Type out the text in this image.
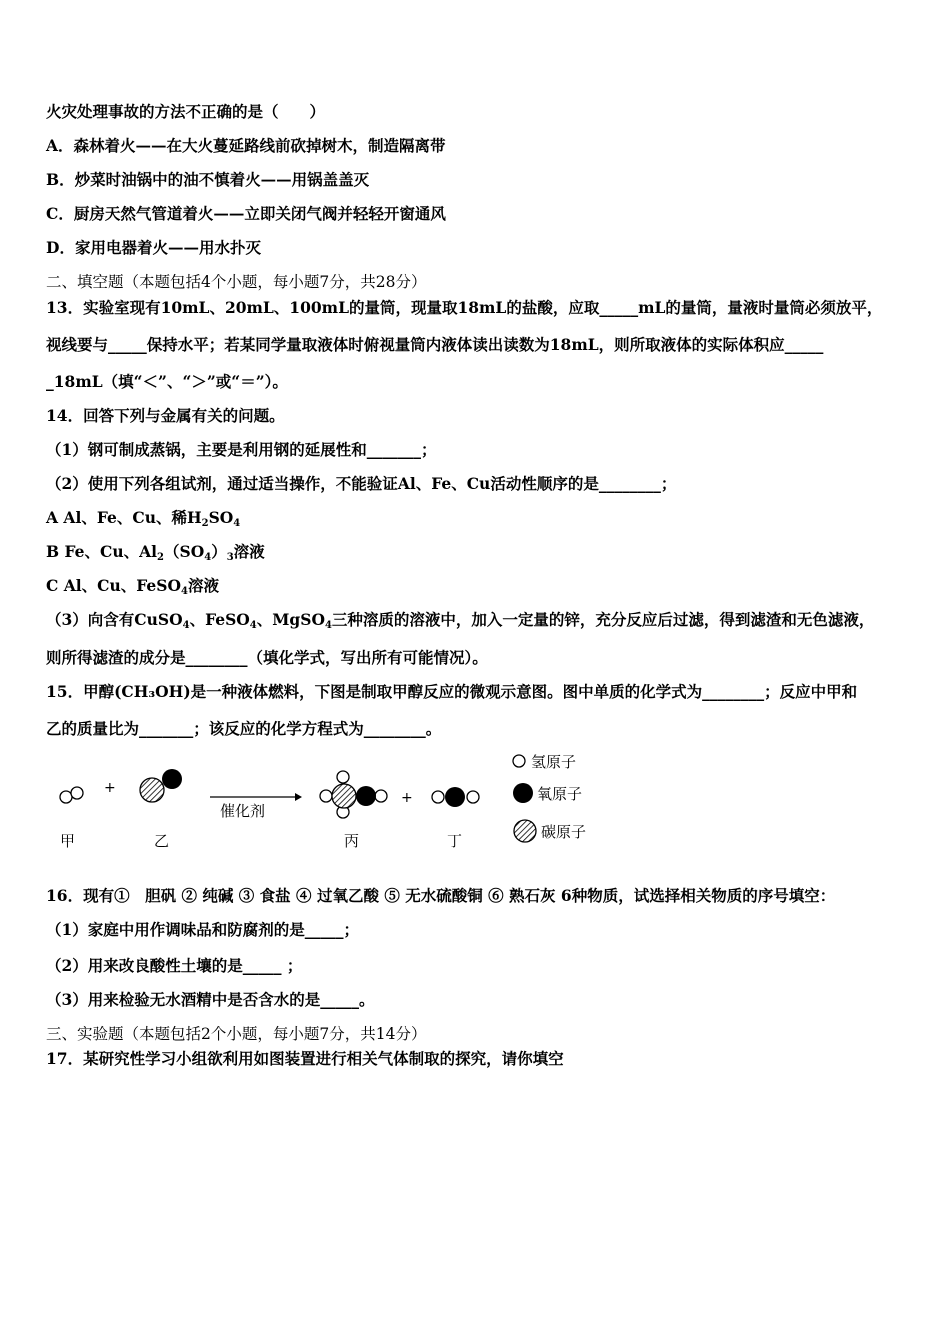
火灾处理事故的方法不正确的是（　　）
A．森林着火——在大火蔓延路线前砍掉树木，制造隔离带
B．炒菜时油锅中的油不慎着火——用锅盖盖灭
C．厨房天然气管道着火——立即关闭气阀并轻轻开窗通风
D．家用电器着火——用水扑灭
二、填空题（本题包括4个小题，每小题7分，共28分）
13．实验室现有10mL、20mL、100mL的量筒，现量取18mL的盐酸，应取_____mL的量筒，量液时量筒必须放平，
视线要与_____保持水平；若某同学量取液体时俯视量筒内液体读出读数为18mL，则所取液体的实际体积应_____
_18mL（填“＜”、“＞”或“＝”）。
14．回答下列与金属有关的问题。
（1）钢可制成蒸锅，主要是利用钢的延展性和_______；
（2）使用下列各组试剂，通过适当操作，不能验证Al、Fe、Cu活动性顺序的是________；
A Al、Fe、Cu、稀$H_2SO_4$
B Fe、Cu、$Al_2(SO_4)_3$溶液
C Al、Cu、FeSO$_4$溶液
（3）向含有CuSO$_4$、FeSO$_4$、MgSO$_4$三种溶质的溶液中，加入一定量的锌，充分反应后过滤，得到滤渣和无色滤液，
则所得滤渣的成分是________（填化学式，写出所有可能情况）。
15．甲醇(CH₃OH)是一种液体燃料，下图是制取甲醇反应的微观示意图。图中单质的化学式为________；反应中甲和
乙的质量比为_______；该反应的化学方程式为________。
+
催化剂
+
甲	乙	丙	丁
氢原子
氧原子
碳原子
16．现有①　胆矾 ② 纯碱 ③ 食盐 ④ 过氧乙酸 ⑤ 无水硫酸铜 ⑥ 熟石灰 6种物质，试选择相关物质的序号填空：
（1）家庭中用作调味品和防腐剂的是_____；
（2）用来改良酸性土壤的是_____ ；
（3）用来检验无水酒精中是否含水的是_____。
三、实验题（本题包括2个小题，每小题7分，共14分）
17．某研究性学习小组欲利用如图装置进行相关气体制取的探究，请你填空
